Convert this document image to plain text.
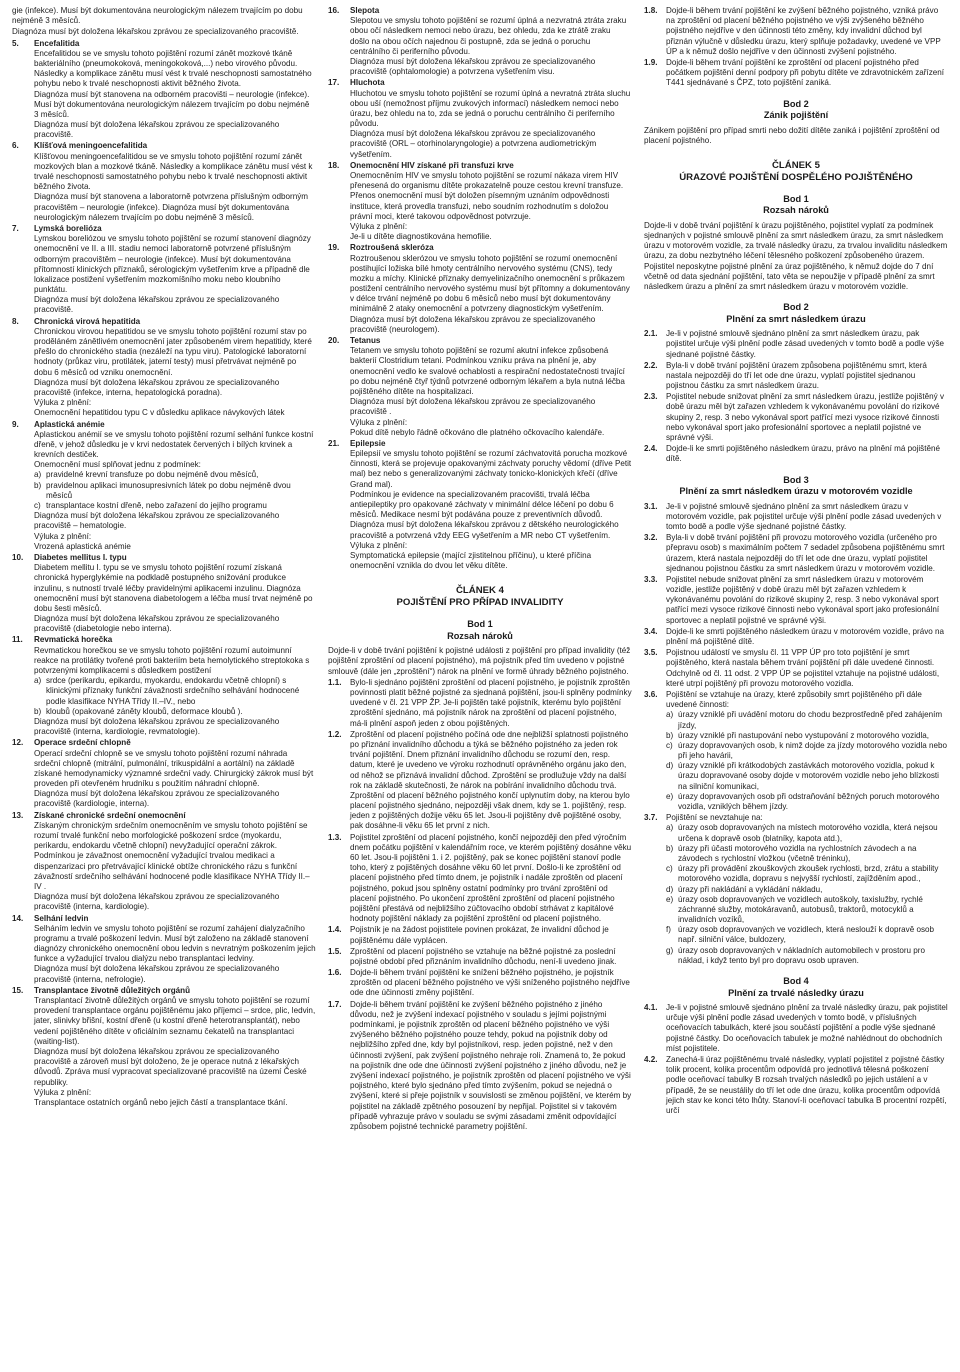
gie (infekce). Musí být dokumentována neurologickým nálezem trvajícím po dobu nejméně 3 měsíců.

Diagnóza musí být doložena lékařskou zprávou ze specializovaného pracoviště.

5.	Encefalitida

Encefalitidou se ve smyslu tohoto pojištění rozumí zánět mozkové tkáně bakteriálního (pneumokoková, meningokoková,...) nebo virového původu. Následky a komplikace zánětu musí vést k trvalé neschopnosti samostatného pohybu nebo k trvalé neschopnosti aktivit běžného života.

Diagnóza musí být stanovena na odborném pracovišti – neurologie (infekce). Musí být dokumentována neurologickým nálezem trvajícím po dobu nejméně 3 měsíců.

Diagnóza musí být doložena lékařskou zprávou ze specializovaného pracoviště.

6.	Klíšťová meningoencefalitida

Klíšťovou meningoencefalitidou se ve smyslu tohoto pojištění rozumí zánět mozkových blan a mozkové tkáně. Následky a komplikace zánětu musí vést k trvalé neschopnosti samostatného pohybu nebo k trvalé neschopnosti aktivit běžného života.

Diagnóza musí být stanovena a laboratorně potvrzena příslušným odborným pracovištěm – neurologie (infekce). Diagnóza musí být dokumentována neurologickým nálezem trvajícím po dobu nejméně 3 měsíců.

7.	Lymská borelióza

Lymskou boreliózou ve smyslu tohoto pojištění se rozumí stanovení diagnózy onemocnění ve II. a III. stadiu nemoci laboratorně potvrzené příslušným odborným pracovištěm – neurologie (infekce). Musí být dokumentována přítomností klinických příznaků, sérologickým vyšetřením krve a případně dle lokalizace postižení vyšetřením mozkomíšního moku nebo kloubního punktátu.

Diagnóza musí být doložena lékařskou zprávou ze specializovaného pracoviště.

8.	Chronická virová hepatitida

Chronickou virovou hepatitidou se ve smyslu tohoto pojištění rozumí stav po proděláném zánětlivém onemocnění jater způsobeném virem hepatitidy, které přešlo do chronického stadia (nezáleží na typu viru). Patologické laboratorní hodnoty (průkaz viru, protilátek, jaterní testy) musí přetrvávat nejméně po dobu 6 měsíců od vzniku onemocnění.

Diagnóza musí být doložena lékařskou zprávou ze specializovaného pracoviště (infekce, interna, hepatologická poradna).

Výluka z plnění:

Onemocnění hepatitidou typu C v důsledku aplikace návykových látek

9.	Aplastická anémie

Aplastickou anémií se ve smyslu tohoto pojištění rozumí selhání funkce kostní dřeně, v jehož důsledku je v krvi nedostatek červených i bílých krvinek a krevních destiček.

Onemocnění musí splňovat jednu z podmínek:

a) pravidelné krevní transfuze po dobu nejméně dvou měsíců,
b) pravidelnou aplikaci imunosupresivních látek po dobu nejméně dvou měsíců
c) transplantace kostní dřeně, nebo zařazení do jejího programu

Diagnóza musí být doložena lékařskou zprávou ze specializovaného pracoviště – hematologie.

Výluka z plnění:

Vrozená aplastická anémie

10.	Diabetes mellitus I. typu

Diabetem mellitu I. typu se ve smyslu tohoto pojištění rozumí získaná chronická hyperglykémie na podkladě postupného snižování produkce inzulinu, s nutností trvalé léčby pravidelnými aplikacemi inzulinu. Diagnóza onemocnění musí být stanovena diabetologem a léčba musí trvat nejméně po dobu šesti měsíců.

Diagnóza musí být doložena lékařskou zprávou ze specializovaného pracoviště (diabetologie nebo interna).

11.	Revmatická horečka

Revmatickou horečkou se ve smyslu tohoto pojištění rozumí autoimunní reakce na protilátky tvořené proti bakteriím beta hemolytického streptokoka s potvrzenými komplikacemi s důsledkem postižení

a) srdce (perikardu, epikardu, myokardu, endokardu včetně chlopní) s klinickými příznaky funkční závažnosti srdečního selhávání hodnocené podle klasifikace NYHA Třídy II.–IV., nebo
b) kloubů (opakované záněty kloubů, deformace kloubů ).

Diagnóza musí být doložena lékařskou zprávou ze specializovaného pracoviště (interna, kardiologie, revmatologie).

12.	Operace srdeční chlopně

Operací srdeční chlopně se ve smyslu tohoto pojištění rozumí náhrada srdeční chlopně (mitrální, pulmonální, trikuspidální a aortální) na základě získané hemodynamicky významné srdeční vady. Chirurgický zákrok musí být proveden při otevřeném hrudníku s použitím náhradní chlopně.

Diagnóza musí být doložena lékařskou zprávou ze specializovaného pracoviště (kardiologie, interna).

13.	Získané chronické srdeční onemocnění

Získaným chronickým srdečním onemocněním ve smyslu tohoto pojištění se rozumí trvalé funkční nebo morfologické poškození srdce (myokardu, perikardu, endokardu včetně chlopní) nevyžadující operační zákrok.

Podmínkou je závažnost onemocnění vyžadující trvalou medikaci a dispenzarizaci pro přetrvávající klinické obtíže chronického rázu s funkční závažností srdečního selhávání hodnocené podle klasifikace NYHA Třídy II.–IV .

Diagnóza musí být doložena lékařskou zprávou ze specializovaného pracoviště (interna, kardiologie).

14.	Selhání ledvin

Selháním ledvin ve smyslu tohoto pojištění se rozumí zahájení dialyzačního programu a trvalé poškození ledvin. Musí být založeno na základě stanovení diagnózy chronického onemocnění obou ledvin s nevratným poškozením jejich funkce a vyžadující trvalou dialýzu nebo transplantaci ledviny.

Diagnóza musí být doložena lékařskou zprávou ze specializovaného pracoviště (interna, nefrologie).

15.	Transplantace životně důležitých orgánů

Transplantací životně důležitých orgánů ve smyslu tohoto pojištění se rozumí provedení transplantace orgánu pojištěnému jako příjemci – srdce, plic, ledvin, jater, slinivky břišní, kostní dřeně (u kostní dřeně heterotransplantát), nebo vedení pojištěného dítěte v oficiálním seznamu čekatelů na transplantaci (waiting-list).

Diagnóza musí být doložena lékařskou zprávou ze specializovaného pracoviště a zároveň musí být doloženo, že je operace nutná z lékařských důvodů. Zpráva musí vypracovat specializované pracoviště na území České republiky.

Výluka z plnění:

Transplantace ostatních orgánů nebo jejich částí a transplantace tkání.

16.	Slepota

Slepotou ve smyslu tohoto pojištění se rozumí úplná a nezvratná ztráta zraku obou očí následkem nemoci nebo úrazu, bez ohledu, zda ke ztrátě zraku došlo na obou očích najednou či postupně, zda se jedná o poruchu centrálního či periferního původu.

Diagnóza musí být doložena lékařskou zprávou ze specializovaného pracoviště (ophtalomologie) a potvrzena vyšetřením visu.

17.	Hluchota

Hluchotou ve smyslu tohoto pojištění se rozumí úplná a nevratná ztráta sluchu obou uší (nemožnost příjmu zvukových informací) následkem nemoci nebo úrazu, bez ohledu na to, zda se jedná o poruchu centrálního či periferního původu.

Diagnóza musí být doložena lékařskou zprávou ze specializovaného pracoviště (ORL – otorhinolaryngologie) a potvrzena audiometrickým vyšetřením.

18.	Onemocnění HIV získané při transfuzi krve

Onemocněním HIV ve smyslu tohoto pojištění se rozumí nákaza virem HIV přenesená do organismu dítěte prokazatelně pouze cestou krevní transfuze.

Přenos onemocnění musí být doložen písemným uznáním odpovědnosti instituce, která provedla transfuzi, nebo soudním rozhodnutím s doložou právní moci, které takovou odpovědnost potvrzuje.

Výluka z plnění:

Je-li u dítěte diagnostikována hemofilie.

19.	Roztroušená skleróza

Roztroušenou sklerózou ve smyslu tohoto pojištění se rozumí onemocnění postihující ložiska bílé hmoty centrálního nervového systému (CNS), tedy mozku a míchy. Klinické příznaky demyelinizačního onemocnění s průkazem postižení centrálního nervového systému musí být přítomny a dokumentovány v délce trvání nejméně po dobu 6 měsíců nebo musí být dokumentovány minimálně 2 ataky onemocnění a potvrzeny diagnostickým vyšetřením.

Diagnóza musí být doložena lékařskou zprávou ze specializovaného pracoviště (neurologem).

20.	Tetanus

Tetanem ve smyslu tohoto pojištění se rozumí akutní infekce způsobená bakterií Clostridium tetani. Podmínkou vzniku práva na plnění je, aby onemocnění vedlo ke svalové ochablosti a respirační nedostatečnosti trvající po dobu nejméně čtyř týdnů potvrzené odborným lékařem a byla nutná léčba pojištěného dítěte na hospitalizaci.

Diagnóza musí být doložena lékařskou zprávou ze specializovaného pracoviště .

Výluka z plnění:

Pokud dítě nebylo řádně očkováno dle platného očkovacího kalendáře.

21.	Epilepsie

Epilepsií ve smyslu tohoto pojištění se rozumí záchvatovitá porucha mozkové činnosti, která se projevuje opakovanými záchvaty poruchy vědomí (dříve Petit mal) bez nebo s generalizovanými záchvaty tonicko-klonických křečí (dříve Grand mal).

Podmínkou je evidence na specializovaném pracovišti, trvalá léčba antiepileptiky pro opakované záchvaty v minimální délce léčení po dobu 6 měsíců. Medikace nesmí být podávána pouze z preventivních důvodů.

Diagnóza musí být doložena lékařskou zprávou z dětského neurologického pracoviště a potvrzená vždy EEG vyšetřením a MR nebo CT vyšetřením.

Výluka z plnění:

Symptomatická epilepsie (mající zjistitelnou příčinu), u které příčina onemocnění vznikla do dvou let věku dítěte.

ČLÁNEK 4
POJIŠTĚNÍ PRO PŘÍPAD INVALIDITY
Bod 1
Rozsah nároků

Dojde-li v době trvání pojištění k pojistné události z pojištění pro případ invalidity (též pojištění zproštění od placení pojistného), má pojistník před tím uvedeno v pojistné smlouvě (dále jen „zproštění“) nárok na plnění ve formě úhrady běžného pojistného.

1.1.	Bylo-li sjednáno pojištění zproštění od placení pojistného, je pojistník zproštěn povinnosti platit běžné pojistné za sjednaná pojištění, jsou-li splněny podmínky uvedené v čl. 21 VPP ŽP. Je-li pojištěn také pojistník, kterému bylo pojištění zproštění sjednáno, má pojistník nárok na zproštění od placení pojistného, má-li plnění aspoň jeden z obou pojištěných.

1.2.	Zproštění od placení pojistného počíná ode dne nejbližší splatnosti pojistného po přiznání invalidního důchodu a týká se běžného pojistného za jeden rok trvání pojištění. Dnem přiznání invalidního důchodu se rozumí den, resp. datum, které je uvedeno ve výroku rozhodnutí oprávněného orgánu jako den, od něhož se přiznává invalidní důchod. Zproštění se prodlužuje vždy na další rok na základě skutečnosti, že nárok na pobírání invalidního důchodu trvá. Zproštění od placení běžného pojistného končí uplynutím doby, na kterou bylo placení pojistného sjednáno, nejpozději však dnem, kdy se 1. pojištěný, resp. jeden z pojištěných dožije věku 65 let. Jsou-li pojištěny dvě pojištěné osoby, pak dosáhne-li věku 65 let první z nich.

1.3.	Pojistitel zproštění od placení pojistného, končí nejpozději den před výročním dnem počátku pojištění v kalendářním roce, ve kterém pojištěný dosáhne věku 60 let. Jsou-li pojištěni 1. i 2. pojištěný, pak se konec pojištění stanoví podle toho, který z pojištěných dosáhne věku 60 let první. Došlo-li ke zproštění od placení pojistného před tímto dnem, je pojistník i nadále zproštěn od placení pojistného, pokud jsou splněny ostatní podmínky pro trvání zproštění od placení pojistného. Po ukončení zproštění zproštění od placení pojistného pojištění přestává od nejbližšího zúčtovacího období strhávat z kapitálové hodnoty pojištění náklady za pojištění zproštění od placení pojistného.

1.4.	Pojistník je na žádost pojistitele povinen prokázat, že invalidní důchod je pojištěnému dále vyplácen.

1.5.	Zproštění od placení pojistného se vztahuje na běžné pojistné za poslední pojistné období před přiznáním invalidního důchodu, není-li uvedeno jinak.

1.6.	Dojde-li během trvání pojištění ke snížení běžného pojistného, je pojistník zproštěn od placení běžného pojistného ve výši sníženého pojistného nejdříve ode dne účinnosti změny pojištění.

1.7.	Dojde-li během trvání pojištění ke zvýšení běžného pojistného z jiného důvodu, než je zvýšení indexací pojistného v souladu s jejími pojistnými podmínkami, je pojistník zproštěn od placení běžného pojistného ve výši zvýšeného běžného pojistného pouze tehdy, pokud na pojistník doby od nejbližšího zpřed dne, kdy byl pojistníkovi, resp. jeden pojistné, než v den účinnosti zvýšení, pak zvýšení pojistného nehraje roli. Znamená to, že pokud na pojistník dne ode dne účinnosti zvýšení pojistného z jiného důvodu, než je zvýšení indexací pojistného, je pojistník zproštěn od placení pojistného ve výši pojistného, které bylo sjednáno před tímto zvýšením, pokud se nejedná o zvýšení, které si přeje pojistník v souvislosti se změnou pojištění, ve kterém by pojistitel na základě zpětného posouzení by nepřijal. Pojistitel si v takovém případě vyhrazuje právo v souladu se svými zásadami změnit odpovídající způsobem pojistné technické parametry pojištění.

1.8.	Dojde-li během trvání pojištění ke zvýšení běžného pojistného, vzniká právo na zproštění od placení běžného pojistného ve výši zvýšeného běžného pojistného nejdříve v den účinnosti této změny, kdy invalidní důchod byl přiznán výlučně v důsledku úrazu, který splňuje požadavky, uvedené ve VPP ÚP a k němuž došlo nejdříve v den účinnosti zvýšení pojistného.

1.9.	Dojde-li během trvání pojištění ke zproštění od placení pojistného před počátkem pojištění denní podpory při pobytu dítěte ve zdravotnickém zařízení T441 sjednávané s ČPZ, toto pojištění zaniká.

Bod 2
Zánik pojištění

Zánikem pojištění pro případ smrti nebo dožití dítěte zaniká i pojištění zproštění od placení pojistného.

ČLÁNEK 5
ÚRAZOVÉ POJIŠTĚNÍ DOSPĚLÉHO POJIŠTĚNÉHO
Bod 1
Rozsah nároků

Dojde-li v době trvání pojištění k úrazu pojištěného, pojistitel vyplatí za podmínek sjednaných v pojistné smlouvě plnění za smrt následkem úrazu, za smrt následkem úrazu v motorovém vozidle, za trvalé následky úrazu, za trvalou invaliditu následkem úrazu, za dobu nezbytného léčení tělesného poškození způsobeného úrazem. Pojistitel neposkytne pojistné plnění za úraz pojištěného, k němuž dojde do 7 dní včetně od data sjednání pojištění, tato věta se nepoužije v případě plnění za smrt následkem úrazu a plnění za smrt následkem úrazu v motorovém vozidle.

Bod 2
Plnění za smrt následkem úrazu
2.1.	Je-li v pojistné smlouvě sjednáno plnění za smrt následkem úrazu, pak pojistitel určuje výši plnění podle zásad uvedených v tomto bodě a podle výše sjednané pojistné částky.

2.2.	Byla-li v době trvání pojištění úrazem způsobena pojištěnému smrt, která nastala nejpozději do tří let ode dne úrazu, vyplatí pojistitel sjednanou pojistnou částku za smrt následkem úrazu.

2.3.	Pojistitel nebude snižovat plnění za smrt následkem úrazu, jestliže pojištěný v době úrazu měl být zařazen vzhledem k vykonávanému povolání do rizikové skupiny 2, resp. 3 nebo vykonával sport patřící mezi vysoce rizikové činnosti nebo vykonával sport jako profesionální sportovec a neplatil pojistné ve správné výši.

2.4.	Dojde-li ke smrti pojištěného následkem úrazu, právo na plnění má pojištěné dítě.

Bod 3
Plnění za smrt následkem úrazu v motorovém vozidle
3.1.	Je-li v pojistné smlouvě sjednáno plnění za smrt následkem úrazu v motorovém vozidle, pak pojistitel určuje výši plnění podle zásad uvedených v tomto bodě a podle výše sjednané pojistné částky.

3.2.	Byla-li v době trvání pojištění při provozu motorového vozidla (určeného pro přepravu osob) s maximálním počtem 7 sedadel způsobena pojištěnému smrt úrazem, která nastala nejpozději do tří let ode dne úrazu, vyplatí pojistitel sjednanou pojistnou částku za smrt následkem úrazu v motorovém vozidle.

3.3.	Pojistitel nebude snižovat plnění za smrt následkem úrazu v motorovém vozidle, jestliže pojištěný v době úrazu měl být zařazen vzhledem k vykonávanému povolání do rizikové skupiny 2, resp. 3 nebo vykonával sport patřící mezi vysoce rizikové činnosti nebo vykonával sport jako profesionální sportovec a neplatil pojistné ve správné výši.

3.4.	Dojde-li ke smrti pojištěného následkem úrazu v motorovém vozidle, právo na plnění má pojištěné dítě.

3.5.	Pojistnou událostí ve smyslu čl. 11 VPP ÚP pro toto pojištění je smrt pojištěného, která nastala během trvání pojištění při dále uvedené činnosti. Odchylně od čl. 11 odst. 2 VPP ÚP se pojistitel vztahuje na pojistné události, které utrpí pojištěný při provozu motorového vozidla.

3.6.	Pojištění se vztahuje na úrazy, které způsobily smrt pojištěného při dále uvedené činnosti:

a) úrazy vzniklé při uvádění motoru do chodu bezprostředně před zahájením jízdy,
b) úrazy vzniklé při nastupování nebo vystupování z motorového vozidla,
c) úrazy dopravovaných osob, k nimž dojde za jízdy motorového vozidla nebo při jeho havárii,
d) úrazy vzniklé při krátkodobých zastávkách motorového vozidla, pokud k úrazu dopravované osoby dojde v motorovém vozidle nebo jeho blízkosti na silniční komunikaci,
e) úrazy dopravovaných osob při odstraňování běžných poruch motorového vozidla, vzniklých během jízdy.
3.7.	Pojištění se nevztahuje na:

a) úrazy osob dopravovaných na místech motorového vozidla, která nejsou určena k dopravě osob (blatníky, kapota atd.),
b) úrazy při účasti motorového vozidla na rychlostních závodech a na závodech s rychlostní vložkou (včetně tréninku),
c) úrazy při provádění zkouškových zkoušek rychlosti, brzd, zrátu a stability motorového vozidla, dopravu s nejvyšší rychlostí, zajížděním apod.,
d) úrazy při nakládání a vykládání nákladu,
e) úrazy osob dopravovaných ve vozidlech autoškoly, taxislužby, rychlé záchranné služby, motokáravanů, autobusů, traktorů, motocyklů a invalidních vozíků,
f) úrazy osob dopravovaných ve vozidlech, která neslouží k dopravě osob např. silniční válce, buldozery,
g) úrazy osob dopravovaných v nákladních automobilech v prostoru pro náklad, i když tento byl pro dopravu osob upraven.
Bod 4
Plnění za trvalé následky úrazu
4.1.	Je-li v pojistné smlouvě sjednáno plnění za trvalé následky úrazu, pak pojistitel určuje výši plnění podle zásad uvedených v tomto bodě, v příslušných oceňovacích tabulkách, které jsou součástí pojištění a podle výše sjednané pojistné částky. Do oceňovacích tabulek je možné nahlédnout do obchodních míst pojistitele.

4.2.	Zanechá-li úraz pojištěnému trvalé následky, vyplatí pojistitel z pojistné částky tolik procent, kolika procentům odpovídá pro jednotlivá tělesná poškození podle oceňovací tabulky B rozsah trvalých následků po jejich ustálení a v případě, že se neustálily do tří let ode dne úrazu, kolika procentům odpovídá jejich stav ke konci této lhůty. Stanoví-li oceňovací tabulka B procentní rozpětí, určí
